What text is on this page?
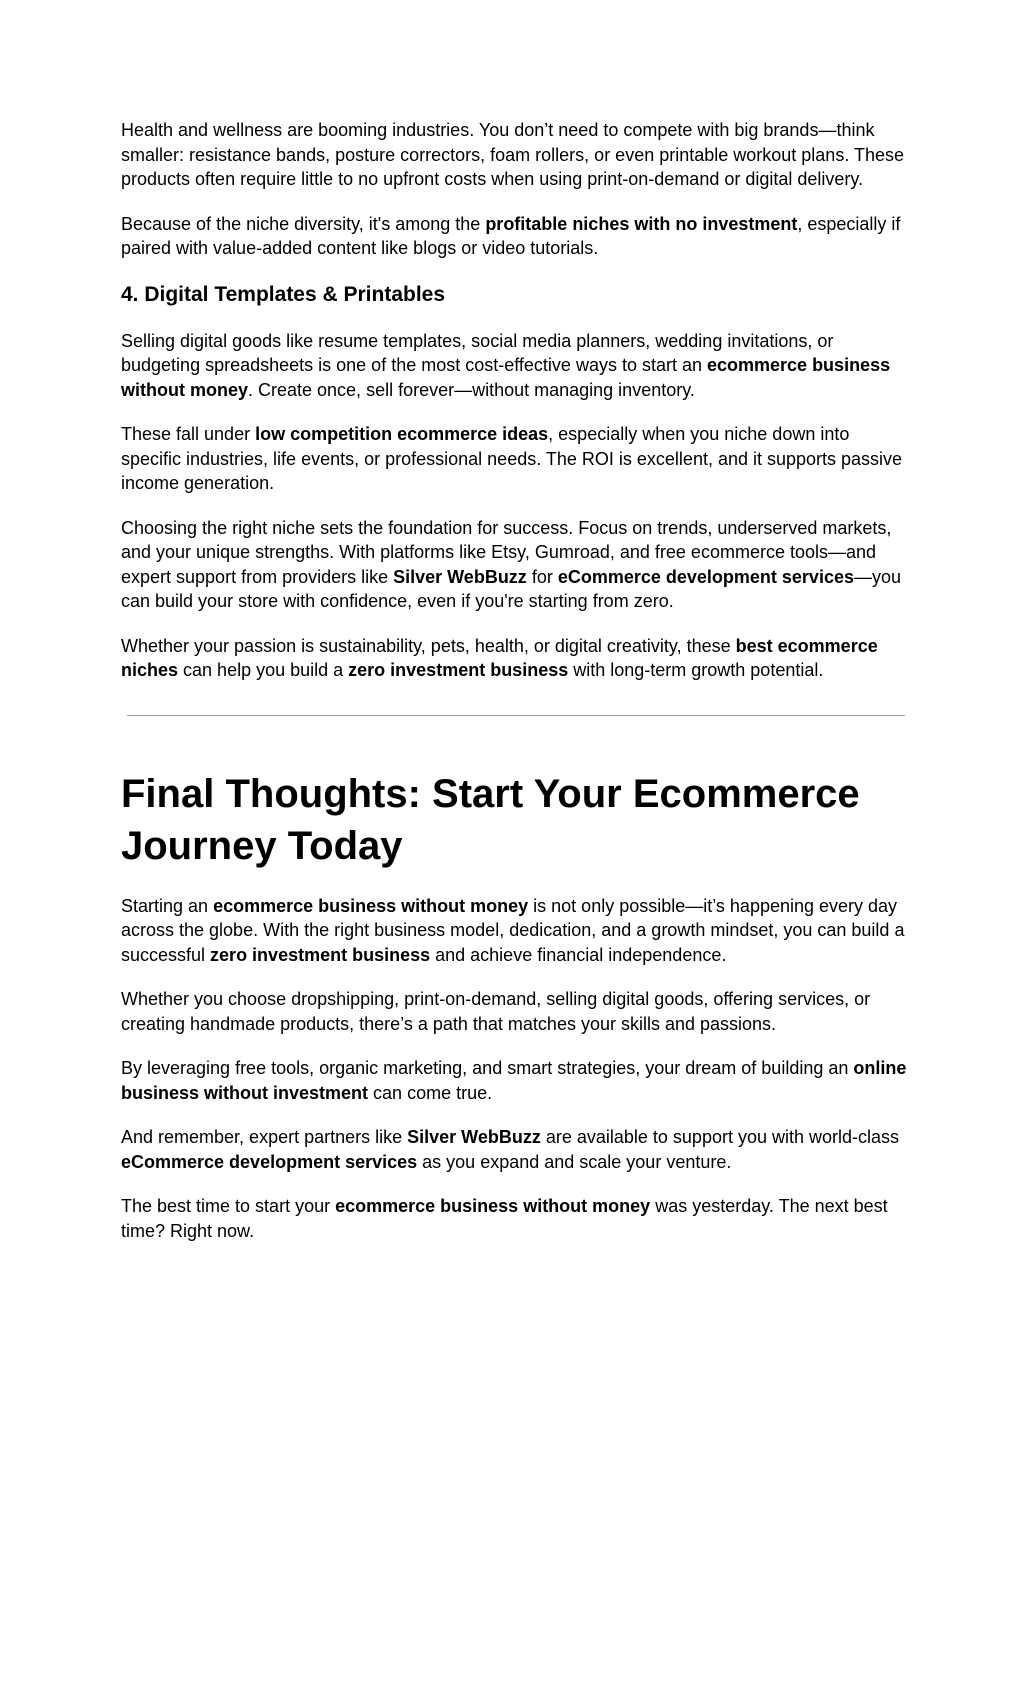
Health and wellness are booming industries. You don’t need to compete with big brands—think smaller: resistance bands, posture correctors, foam rollers, or even printable workout plans. These products often require little to no upfront costs when using print-on-demand or digital delivery.

Because of the niche diversity, it's among the profitable niches with no investment, especially if paired with value-added content like blogs or video tutorials.

4. Digital Templates & Printables

Selling digital goods like resume templates, social media planners, wedding invitations, or budgeting spreadsheets is one of the most cost-effective ways to start an ecommerce business without money. Create once, sell forever—without managing inventory.

These fall under low competition ecommerce ideas, especially when you niche down into specific industries, life events, or professional needs. The ROI is excellent, and it supports passive income generation.

Choosing the right niche sets the foundation for success. Focus on trends, underserved markets, and your unique strengths. With platforms like Etsy, Gumroad, and free ecommerce tools—and expert support from providers like Silver WebBuzz for eCommerce development services—you can build your store with confidence, even if you're starting from zero.

Whether your passion is sustainability, pets, health, or digital creativity, these best ecommerce niches can help you build a zero investment business with long-term growth potential.

Final Thoughts: Start Your Ecommerce Journey Today

Starting an ecommerce business without money is not only possible—it’s happening every day across the globe. With the right business model, dedication, and a growth mindset, you can build a successful zero investment business and achieve financial independence.

Whether you choose dropshipping, print-on-demand, selling digital goods, offering services, or creating handmade products, there’s a path that matches your skills and passions.

By leveraging free tools, organic marketing, and smart strategies, your dream of building an online business without investment can come true.

And remember, expert partners like Silver WebBuzz are available to support you with world-class eCommerce development services as you expand and scale your venture.

The best time to start your ecommerce business without money was yesterday. The next best time? Right now.
